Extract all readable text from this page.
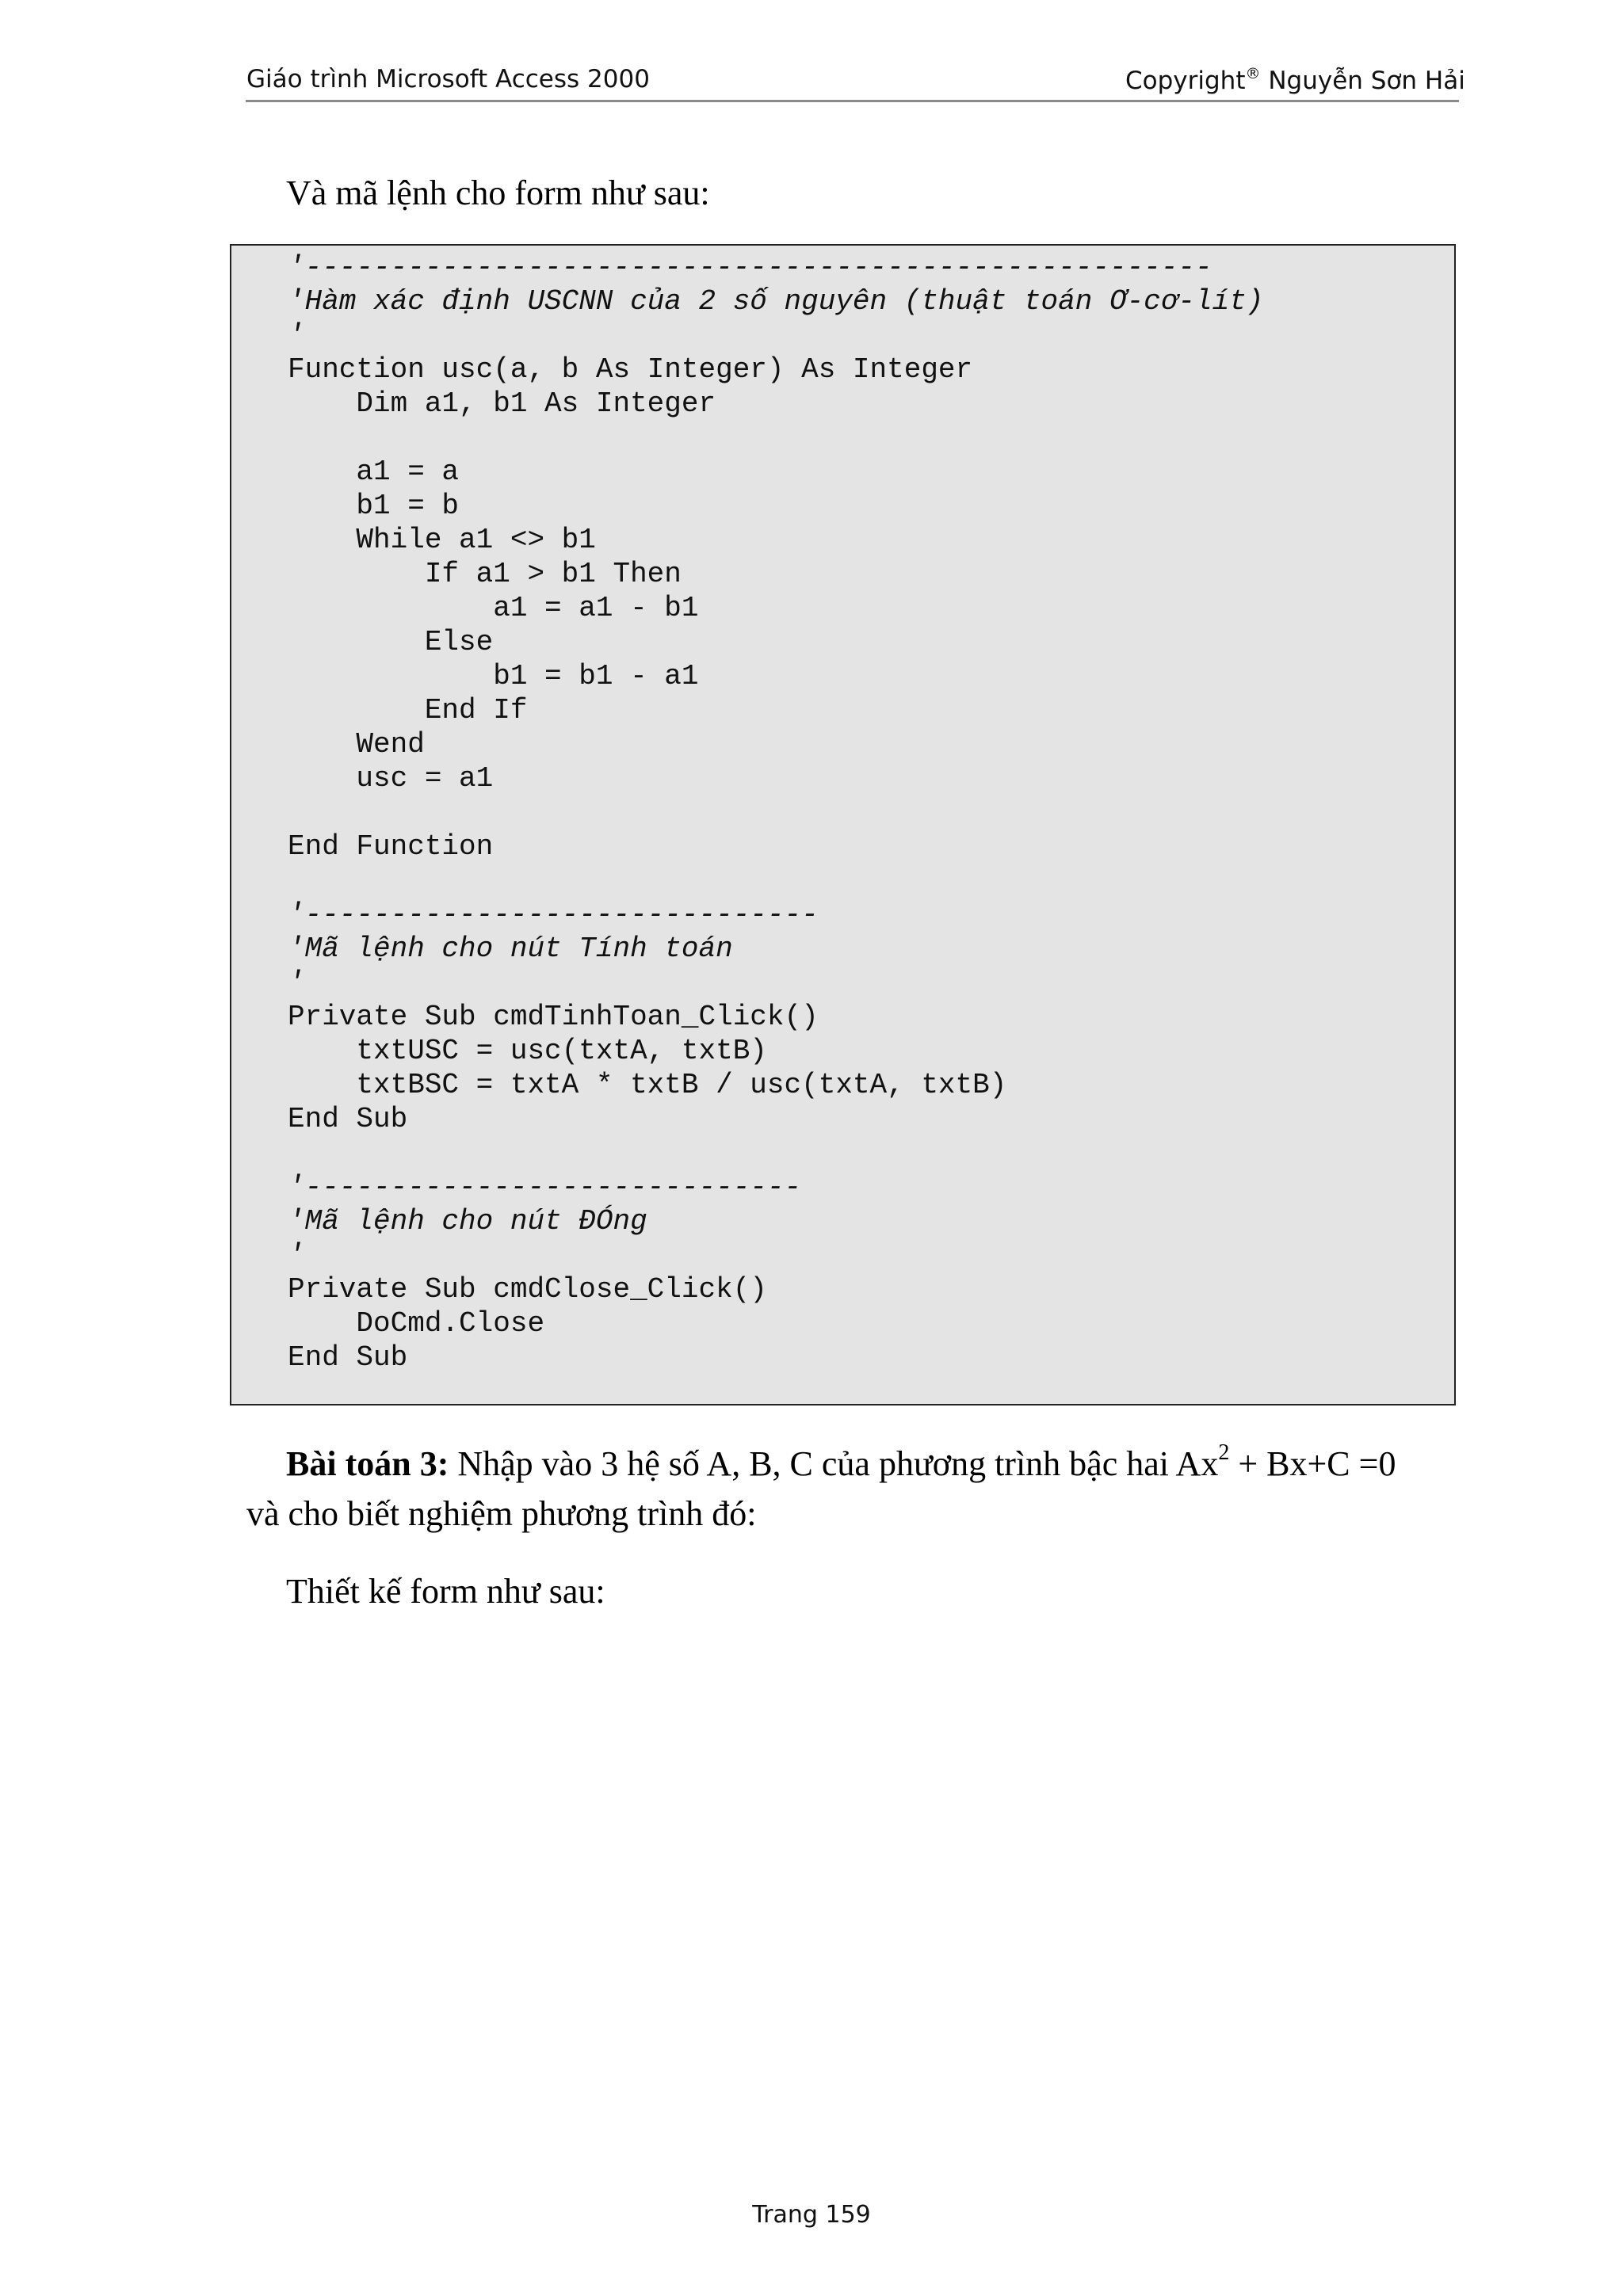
Giáo trình Microsoft Access 2000	Copyright® Nguyễn Sơn Hải
Và mã lệnh cho form như sau:
'-----------------------------------------------------
'Hàm xác định USCNN của 2 số nguyên (thuật toán Ơ-cơ-lít)
'
Function usc(a, b As Integer) As Integer
Dim a1, b1 As Integer

a1 = a
b1 = b
While a1 <> b1
If a1 > b1 Then
a1 = a1 - b1
Else
b1 = b1 - a1
End If
Wend
usc = a1

End Function

'------------------------------
'Mã lệnh cho nút Tính toán
'
Private Sub cmdTinhToan_Click()
txtUSC = usc(txtA, txtB)
txtBSC = txtA * txtB / usc(txtA, txtB)
End Sub

'-----------------------------
'Mã lệnh cho nút ĐÓng
'
Private Sub cmdClose_Click()
DoCmd.Close
End Sub

Bài toán 3: Nhập vào 3 hệ số A, B, C của phương trình bậc hai $Ax^2 + Bx+C =0$
và cho biết nghiệm phương trình đó:
Thiết kế form như sau:
Trang 159
